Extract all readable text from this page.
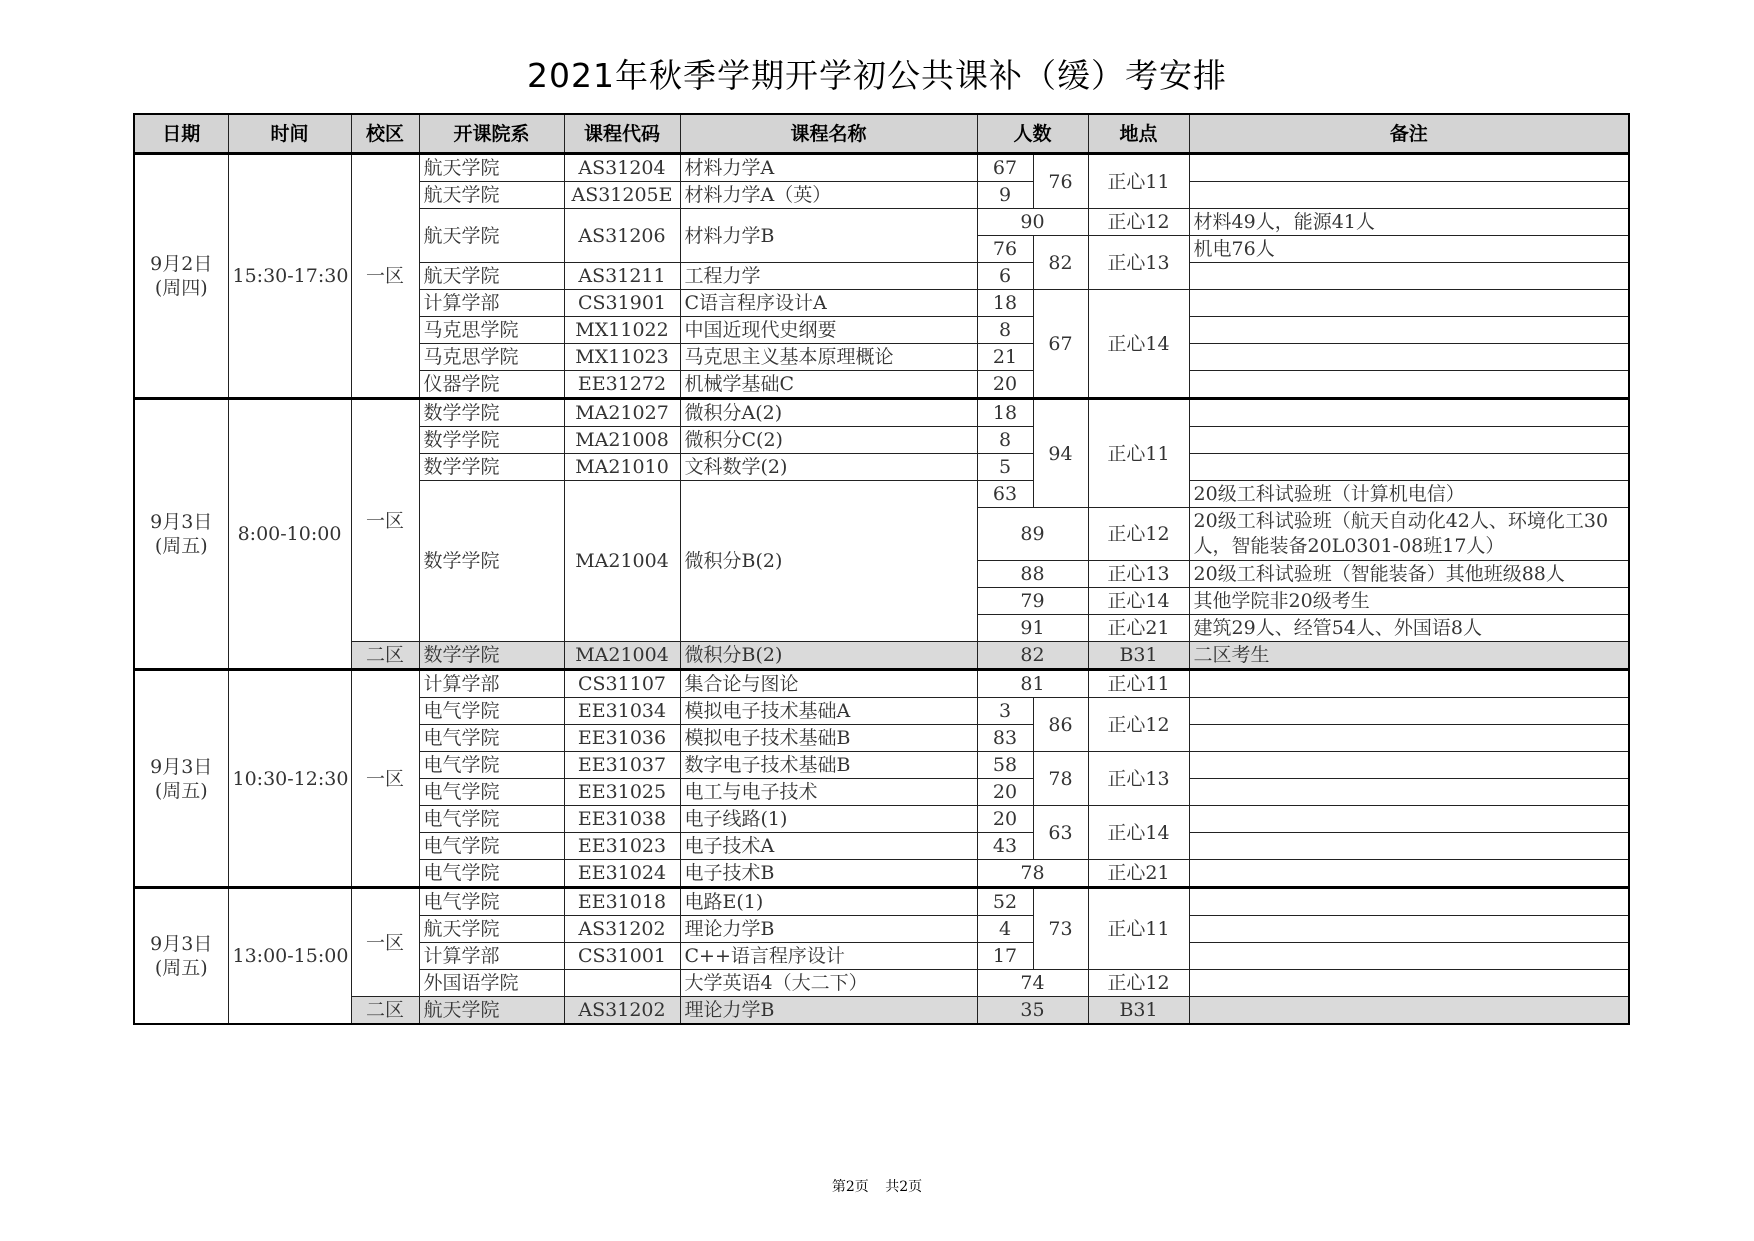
2021年秋季学期开学初公共课补（缓）考安排
日期	时间	校区	开课院系	课程代码	课程名称	人数		地点	备注

9月2日
(周四)	15:30-17:30	一区	航天学院	AS31204	材料力学A	67	76	正心11	
			航天学院	AS31205E	材料力学A（英）	9			
			航天学院	AS31206	材料力学B	90		正心12	材料49人，能源41人
						76	82	正心13	机电76人
			航天学院	AS31211	工程力学	6			
			计算学部	CS31901	C语言程序设计A	18	67	正心14	
			马克思学院	MX11022	中国近现代史纲要	8			
			马克思学院	MX11023	马克思主义基本原理概论	21			
			仪器学院	EE31272	机械学基础C	20			

9月3日
(周五)	8:00-10:00	一区	数学学院	MA21027	微积分A(2)	18	94	正心11	
			数学学院	MA21008	微积分C(2)	8			
			数学学院	MA21010	文科数学(2)	5			
			数学学院	MA21004	微积分B(2)	63			20级工科试验班（计算机电信）
						89		正心12	20级工科试验班（航天自动化42人、环境化工30人，智能装备20L0301-08班17人）
						88		正心13	20级工科试验班（智能装备）其他班级88人
						79		正心14	其他学院非20级考生
						91		正心21	建筑29人、经管54人、外国语8人
		二区	数学学院	MA21004	微积分B(2)	82		B31	二区考生

9月3日
(周五)	10:30-12:30	一区	计算学部	CS31107	集合论与图论	81		正心11	
			电气学院	EE31034	模拟电子技术基础A	3	86	正心12	
			电气学院	EE31036	模拟电子技术基础B	83			
			电气学院	EE31037	数字电子技术基础B	58	78	正心13	
			电气学院	EE31025	电工与电子技术	20			
			电气学院	EE31038	电子线路(1)	20	63	正心14	
			电气学院	EE31023	电子技术A	43			
			电气学院	EE31024	电子技术B	78		正心21	

9月3日
(周五)	13:00-15:00	一区	电气学院	EE31018	电路E(1)	52	73	正心11	
			航天学院	AS31202	理论力学B	4			
			计算学部	CS31001	C++语言程序设计	17			
			外国语学院		大学英语4（大二下）	74		正心12	
		二区	航天学院	AS31202	理论力学B	35		B31	
第2页 共2页
